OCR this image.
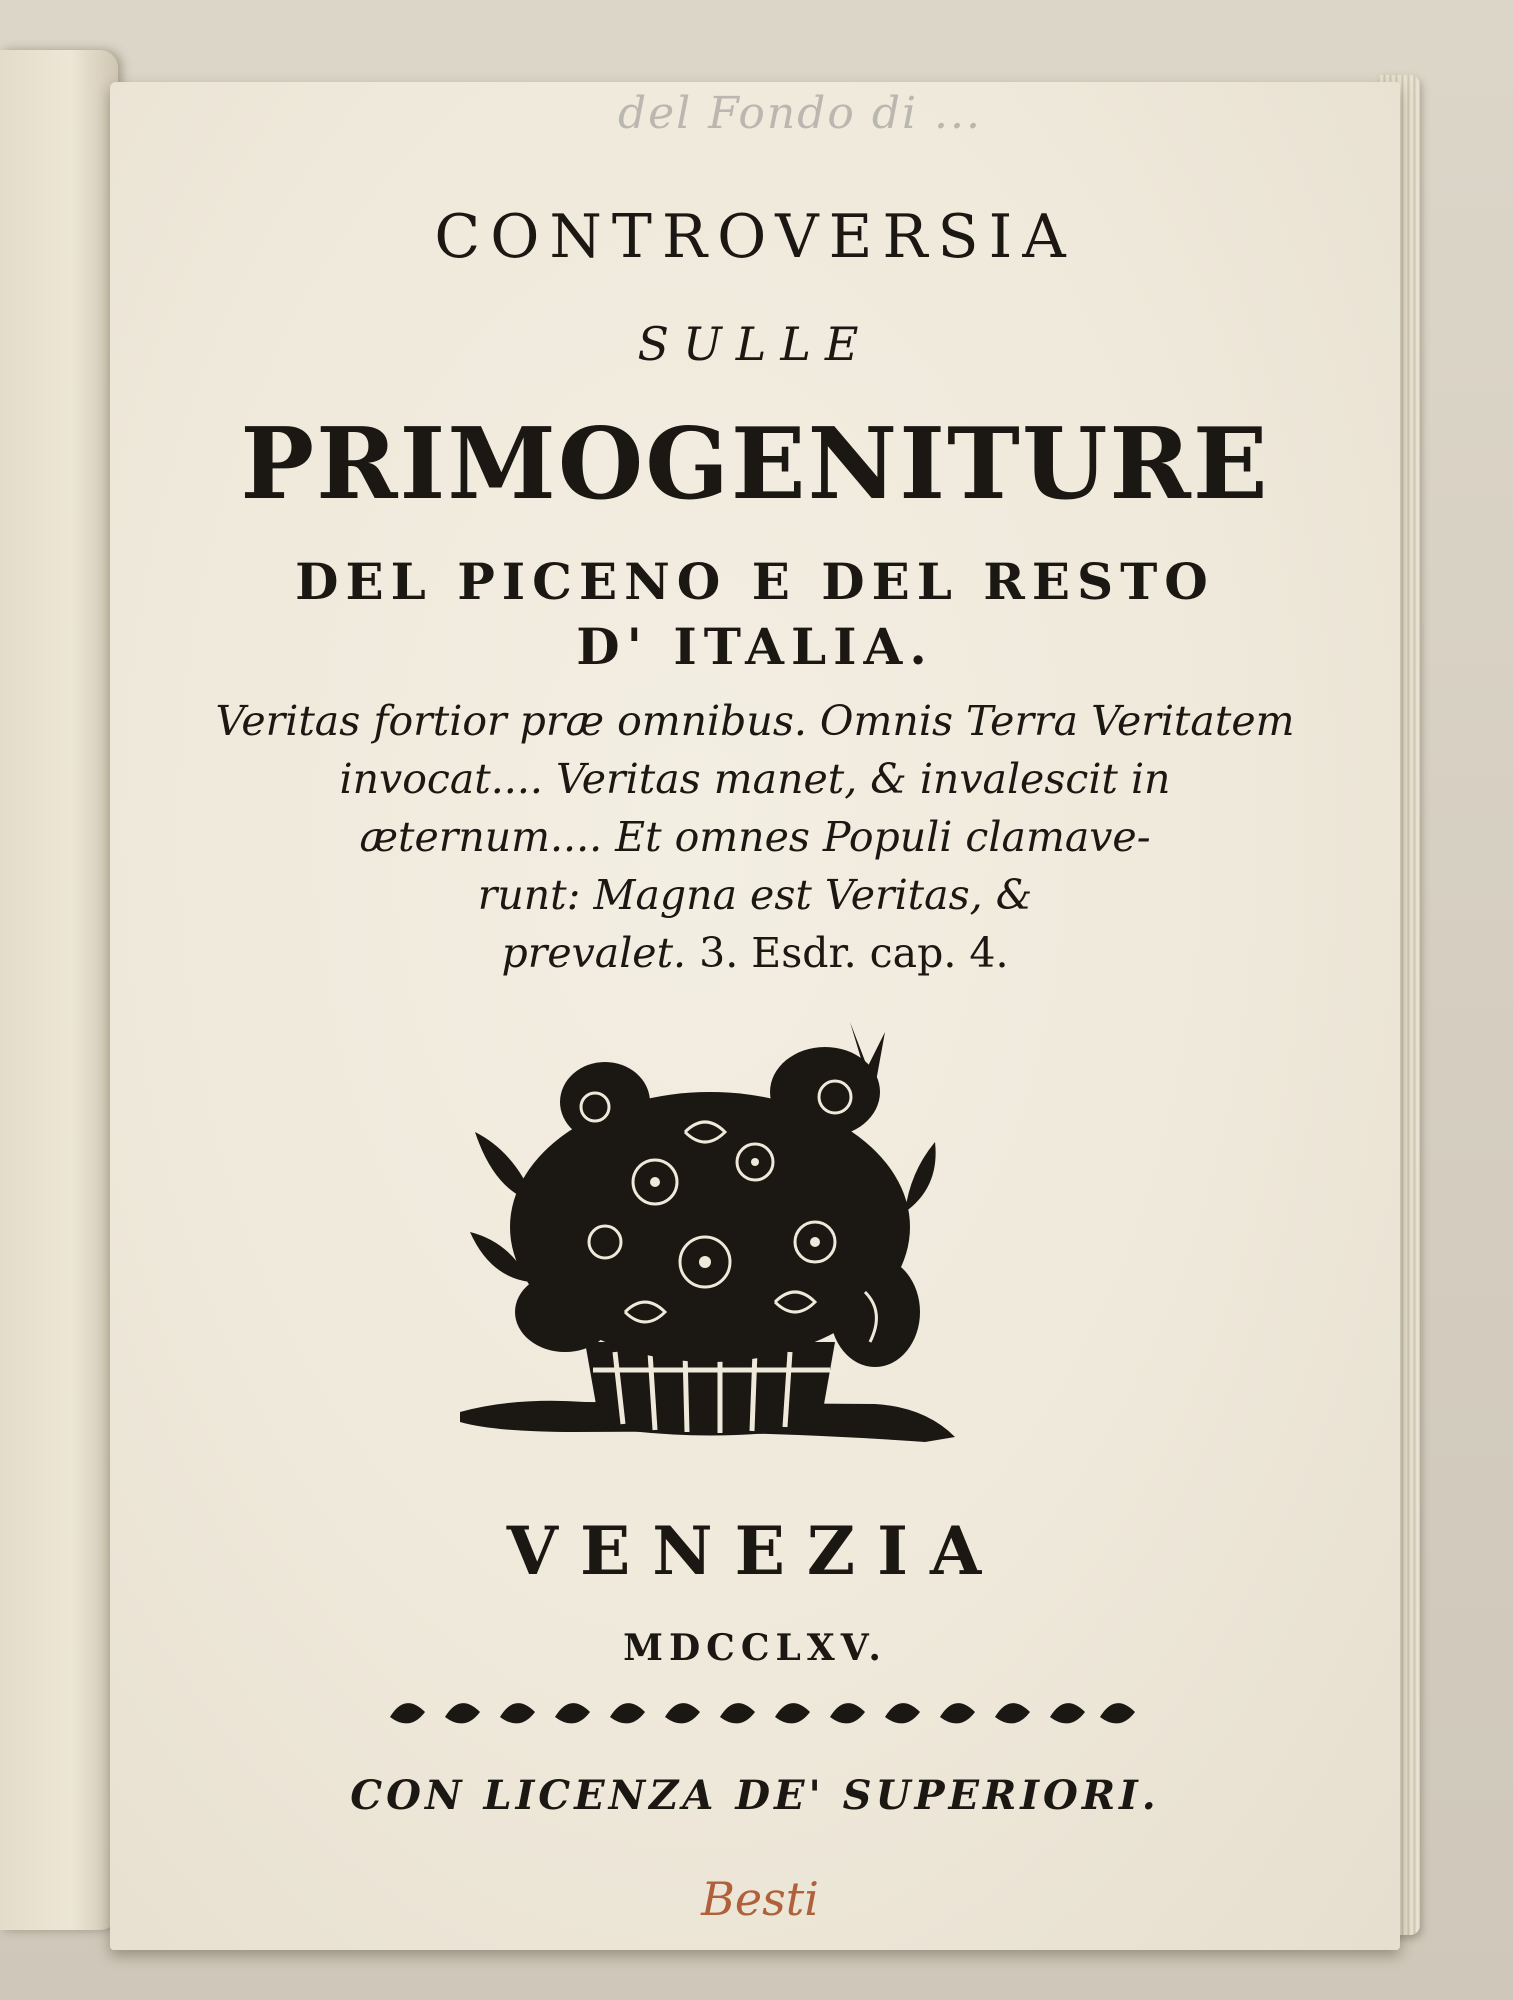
del Fondo di ...
CONTROVERSIA
SULLE
PRIMOGENITURE
DEL PICENO E DEL RESTO
D' ITALIA.
Veritas fortior præ omnibus. Omnis Terra Veritatem
invocat.... Veritas manet, & invalescit in
æternum.... Et omnes Populi clamave-
runt: Magna est Veritas, &
prevalet. 3. Esdr. cap. 4.
VENEZIA
MDCCLXV.
CON LICENZA DE' SUPERIORI.
Besti
